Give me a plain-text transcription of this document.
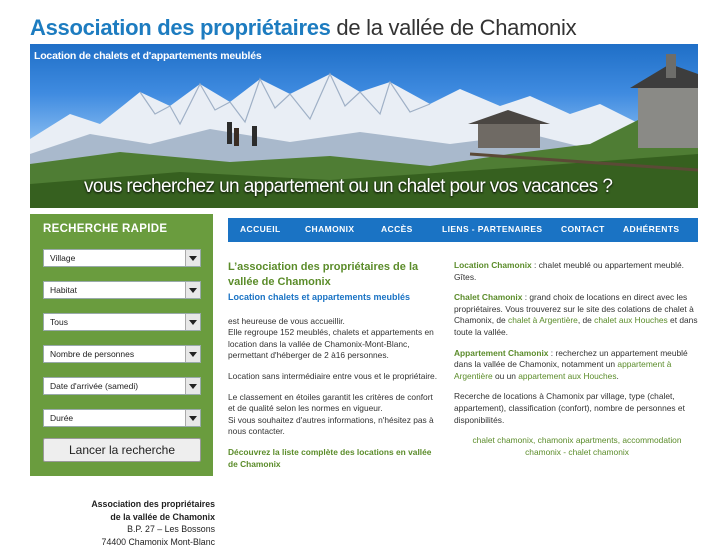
Association des propriétaires de la vallée de Chamonix
Location de chalets et d'appartements meublés
vous recherchez un appartement ou un chalet pour vos vacances ?
RECHERCHE RAPIDE
Village
Habitat
Tous
Nombre de personnes
Date d'arrivée (samedi)
Durée
Lancer la recherche
Association des propriétaires
de la vallée de Chamonix
B.P. 27 – Les Bossons
74400 Chamonix Mont-Blanc
ACCUEIL	CHAMONIX	ACCÈS	LIENS - PARTENAIRES CONTACT ADHÉRENTS
L’association des propriétaires de la vallée de Chamonix
Location chalets et appartements meublés

est heureuse de vous accueillir.

Elle regroupe 152 meublés, chalets et appartements en location dans la vallée de Chamonix-Mont-Blanc, permettant d'héberger de 2 à16 personnes.

Location sans intermédiaire entre vous et le propriétaire.

Le classement en étoiles garantit les critères de confort et de qualité selon les normes en vigueur.

Si vous souhaitez d'autres informations, n'hésitez pas à nous contacter.

Découvrez la liste complète des locations en vallée de Chamonix

Location Chamonix : chalet meublé ou appartement meublé. Gîtes.

Chalet Chamonix : grand choix de locations en direct avec les propriétaires. Vous trouverez sur le site des colations de chalet à Chamonix, de chalet à Argentière, de chalet aux Houches et dans toute la vallée.

Appartement Chamonix : recherchez un appartement meublé dans la vallée de Chamonix, notamment un appartement à Argentière ou un appartement aux Houches.

Recerche de locations à Chamonix par village, type (chalet, appartement), classification (confort), nombre de personnes et disponibilités.

chalet chamonix, chamonix apartments, accommodation chamonix - chalet chamonix
